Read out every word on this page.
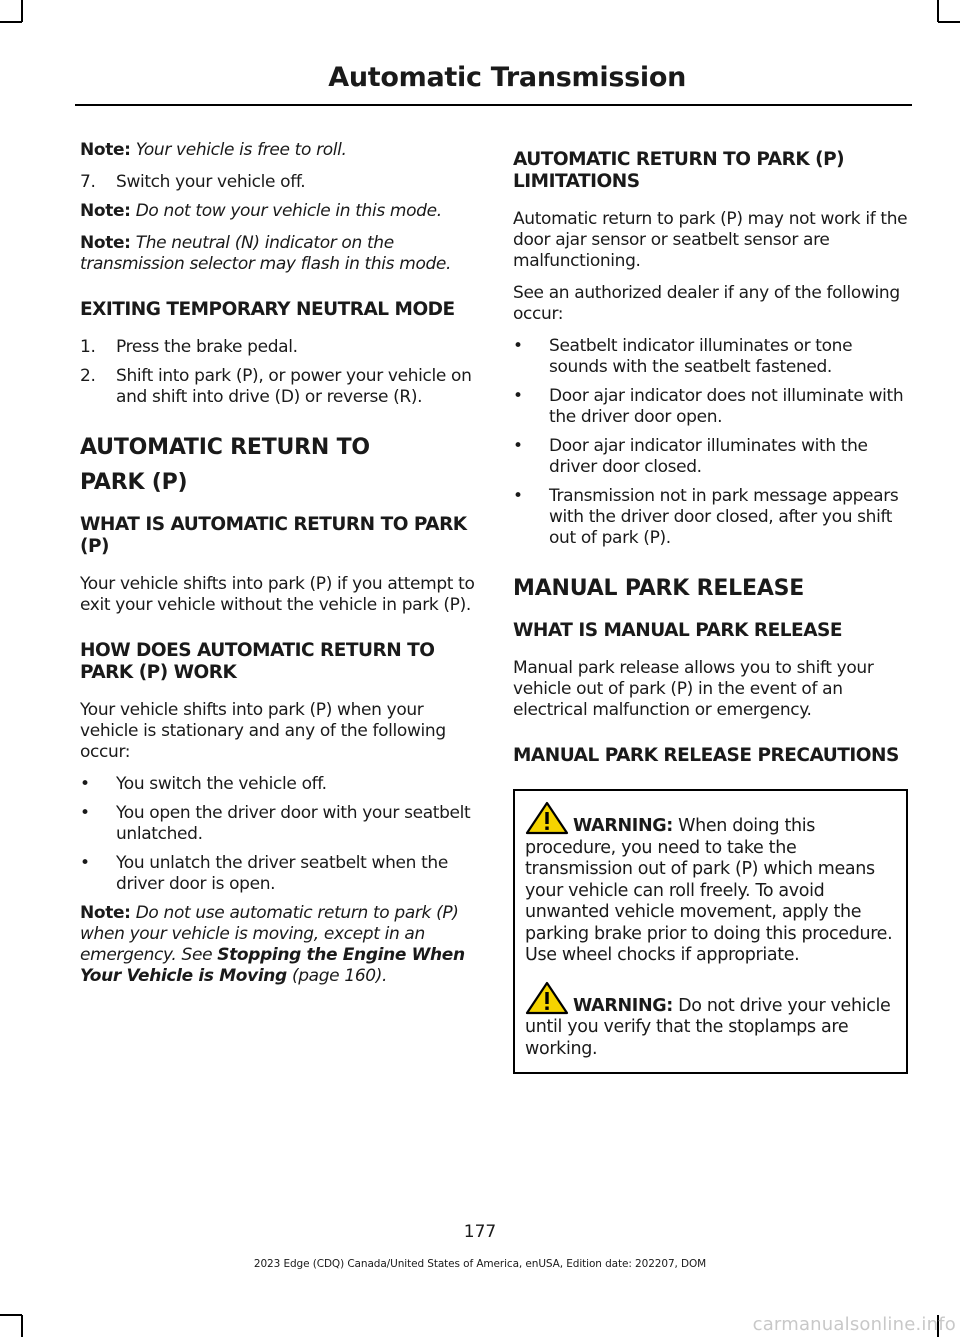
Automatic Transmission

Note: Your vehicle is free to roll.

7. Switch your vehicle off.

Note: Do not tow your vehicle in this mode.

Note: The neutral (N) indicator on the transmission selector may flash in this mode.

EXITING TEMPORARY NEUTRAL MODE
1. Press the brake pedal.
2. Shift into park (P), or power your vehicle on and shift into drive (D) or reverse (R).
AUTOMATIC RETURN TO
PARK (P)
WHAT IS AUTOMATIC RETURN TO PARK (P)

Your vehicle shifts into park (P) if you attempt to exit your vehicle without the vehicle in park (P).

HOW DOES AUTOMATIC RETURN TO PARK (P) WORK

Your vehicle shifts into park (P) when your vehicle is stationary and any of the following occur:

• You switch the vehicle off.
• You open the driver door with your seatbelt unlatched.
• You unlatch the driver seatbelt when the driver door is open.

Note: Do not use automatic return to park (P) when your vehicle is moving, except in an emergency. See Stopping the Engine When Your Vehicle is Moving (page 160).

AUTOMATIC RETURN TO PARK (P) LIMITATIONS

Automatic return to park (P) may not work if the door ajar sensor or seatbelt sensor are malfunctioning.

See an authorized dealer if any of the following occur:

• Seatbelt indicator illuminates or tone sounds with the seatbelt fastened.
• Door ajar indicator does not illuminate with the driver door open.
• Door ajar indicator illuminates with the driver door closed.
• Transmission not in park message appears with the driver door closed, after you shift out of park (P).
MANUAL PARK RELEASE
WHAT IS MANUAL PARK RELEASE

Manual park release allows you to shift your vehicle out of park (P) in the event of an electrical malfunction or emergency.

MANUAL PARK RELEASE PRECAUTIONS

WARNING: When doing this procedure, you need to take the transmission out of park (P) which means your vehicle can roll freely. To avoid unwanted vehicle movement, apply the parking brake prior to doing this procedure. Use wheel chocks if appropriate.

WARNING: Do not drive your vehicle until you verify that the stoplamps are working.

177
2023 Edge (CDQ) Canada/United States of America, enUSA, Edition date: 202207, DOM
carmanualsonline.info
